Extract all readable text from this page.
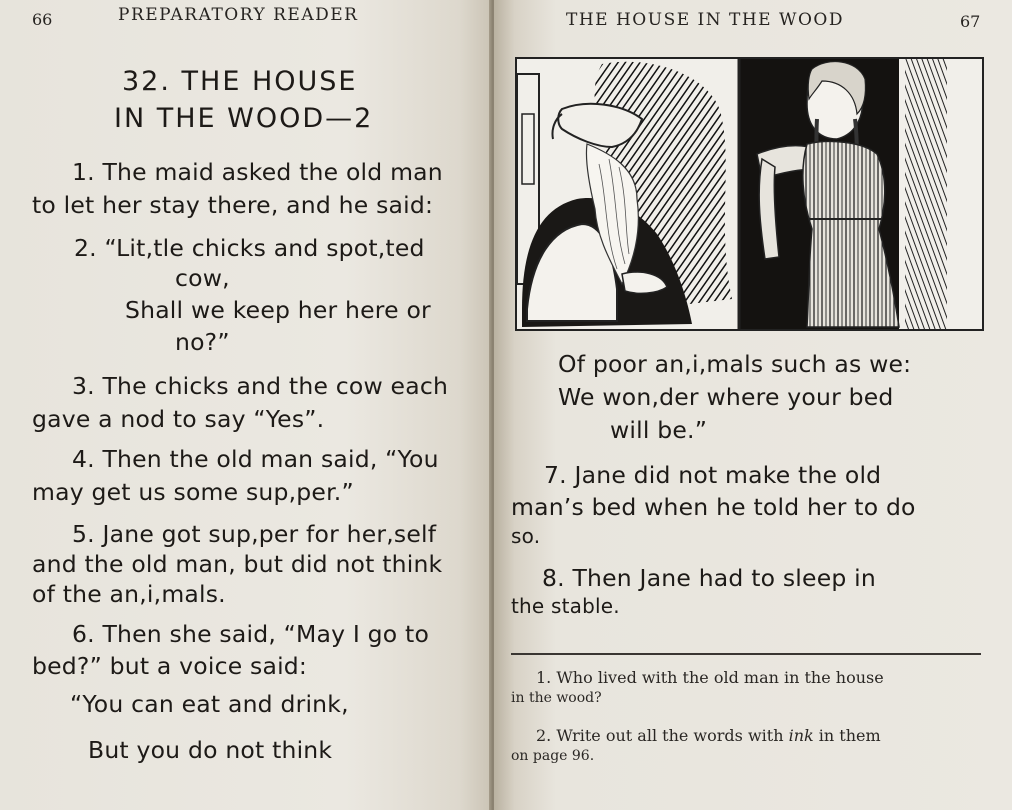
66	PREPARATORY READER
32. THE HOUSE
IN THE WOOD—2
1. The maid asked the old man
to let her stay there, and he said:
2. “Lit,tle chicks and spot,ted
cow,
Shall we keep her here or
no?”
3. The chicks and the cow each
gave a nod to say “Yes”.
4. Then the old man said, “You
may get us some sup,per.”
5. Jane got sup,per for her,self
and the old man, but did not think
of the an,i,mals.
6. Then she said, “May I go to
bed?” but a voice said:
“You can eat and drink,
But you do not think
THE HOUSE IN THE WOOD	67
Of poor an,i,mals such as we:
We won,der where your bed
will be.”
7. Jane did not make the old
man’s bed when he told her to do
so.
8. Then Jane had to sleep in
the stable.
1. Who lived with the old man in the house
in the wood?
2. Write out all the words with ink in them
on page 96.
